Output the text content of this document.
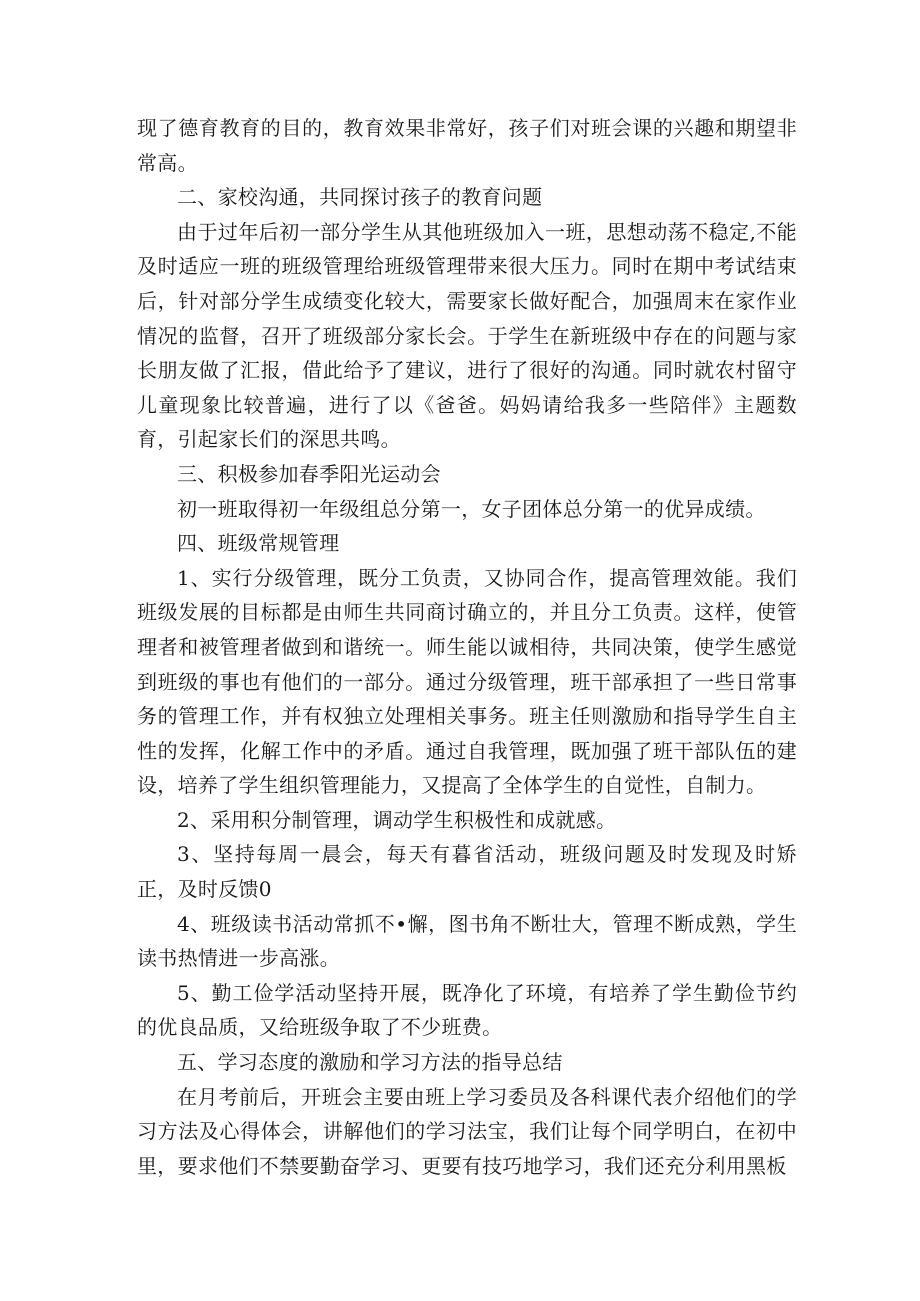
现了德育教育的目的，教育效果非常好，孩子们对班会课的兴趣和期望非常高。

二、家校沟通，共同探讨孩子的教育问题

由于过年后初一部分学生从其他班级加入一班，思想动荡不稳定,不能及时适应一班的班级管理给班级管理带来很大压力。同时在期中考试结束后，针对部分学生成绩变化较大，需要家长做好配合，加强周末在家作业情况的监督，召开了班级部分家长会。于学生在新班级中存在的问题与家长朋友做了汇报，借此给予了建议，进行了很好的沟通。同时就农村留守儿童现象比较普遍，进行了以《爸爸。妈妈请给我多一些陪伴》主题数育，引起家长们的深思共鸣。

三、积极参加春季阳光运动会

初一班取得初一年级组总分第一，女子团体总分第一的优异成绩。

四、班级常规管理

1、实行分级管理，既分工负责，又协同合作，提高管理效能。我们班级发展的目标都是由师生共同商讨确立的，并且分工负责。这样，使管理者和被管理者做到和谐统一。师生能以诚相待，共同决策，使学生感觉到班级的事也有他们的一部分。通过分级管理，班干部承担了一些日常事务的管理工作，并有权独立处理相关事务。班主任则激励和指导学生自主性的发挥，化解工作中的矛盾。通过自我管理，既加强了班干部队伍的建设，培养了学生组织管理能力，又提高了全体学生的自觉性，自制力。

2、采用积分制管理，调动学生积极性和成就感。

3、坚持每周一晨会，每天有暮省活动，班级问题及时发现及时矫正，及时反馈0

4、班级读书活动常抓不•懈，图书角不断壮大，管理不断成熟，学生读书热情进一步高涨。

5、勤工俭学活动坚持开展，既净化了环境，有培养了学生勤俭节约的优良品质，又给班级争取了不少班费。

五、学习态度的激励和学习方法的指导总结

在月考前后，开班会主要由班上学习委员及各科课代表介绍他们的学习方法及心得体会，讲解他们的学习法宝，我们让每个同学明白，在初中里，要求他们不禁要勤奋学习、更要有技巧地学习，我们还充分利用黑板
